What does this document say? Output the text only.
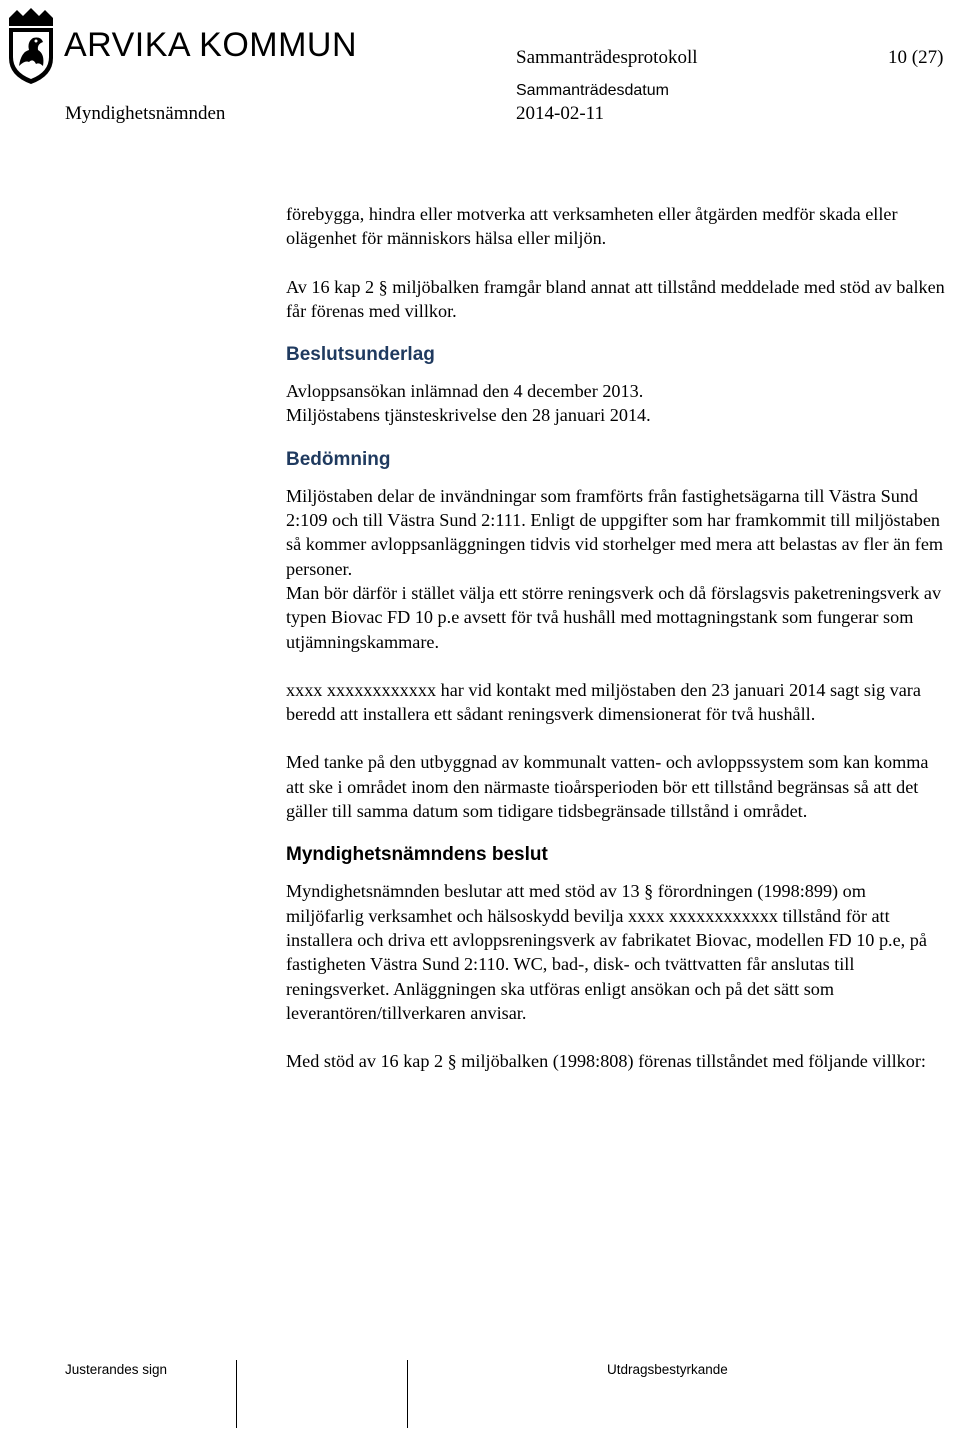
ARVIKA KOMMUN	Sammanträdesprotokoll	10 (27)
Myndighetsnämnden
Sammanträdesdatum
2014-02-11

förebygga, hindra eller motverka att verksamheten eller åtgärden medför skada eller olägenhet för människors hälsa eller miljön.

Av 16 kap 2 § miljöbalken framgår bland annat att tillstånd meddelade med stöd av balken får förenas med villkor.

Beslutsunderlag

Avloppsansökan inlämnad den 4 december 2013.

Miljöstabens tjänsteskrivelse den 28 januari 2014.

Bedömning

Miljöstaben delar de invändningar som framförts från fastighetsägarna till Västra Sund 2:109 och till Västra Sund 2:111. Enligt de uppgifter som har framkommit till miljöstaben så kommer avloppsanläggningen tidvis vid storhelger med mera att belastas av fler än fem personer.

Man bör därför i stället välja ett större reningsverk och då förslagsvis paketreningsverk av typen Biovac FD 10 p.e avsett för två hushåll med mottagningstank som fungerar som utjämningskammare.

xxxx xxxxxxxxxxxx har vid kontakt med miljöstaben den 23 januari 2014 sagt sig vara beredd att installera ett sådant reningsverk dimensionerat för två hushåll.

Med tanke på den utbyggnad av kommunalt vatten- och avloppssystem som kan komma att ske i området inom den närmaste tioårsperioden bör ett tillstånd begränsas så att det gäller till samma datum som tidigare tidsbegränsade tillstånd i området.

Myndighetsnämndens beslut

Myndighetsnämnden beslutar att med stöd av 13 § förordningen (1998:899) om miljöfarlig verksamhet och hälsoskydd bevilja xxxx xxxxxxxxxxxx tillstånd för att installera och driva ett avloppsreningsverk av fabrikatet Biovac, modellen FD 10 p.e, på fastigheten Västra Sund 2:110. WC, bad-, disk- och tvättvatten får anslutas till reningsverket. Anläggningen ska utföras enligt ansökan och på det sätt som leverantören/tillverkaren anvisar.

Med stöd av 16 kap 2 § miljöbalken (1998:808) förenas tillståndet med följande villkor:

Justerandes sign	Utdragsbestyrkande
